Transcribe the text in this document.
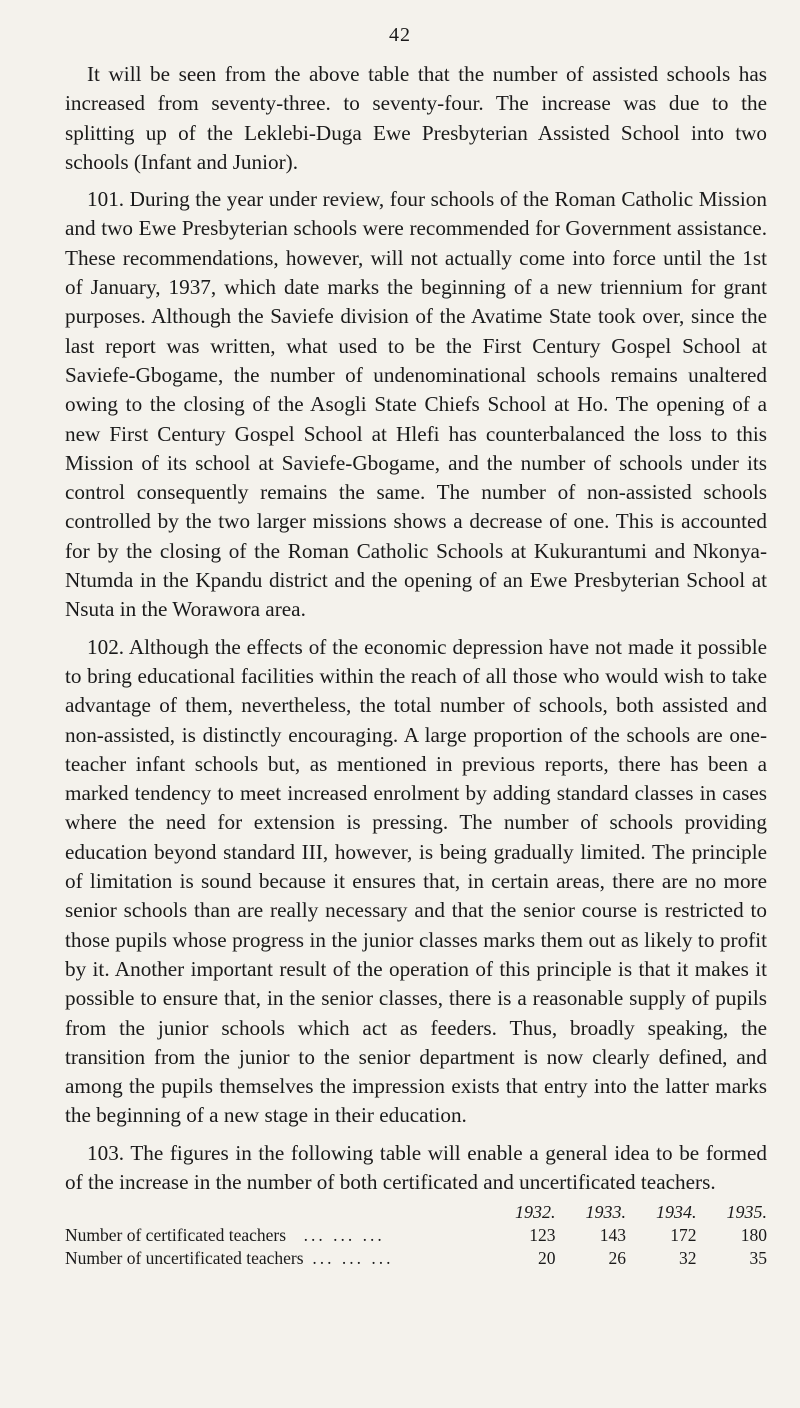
42

It will be seen from the above table that the number of assisted schools has increased from seventy-three. to seventy-four. The increase was due to the splitting up of the Leklebi-Duga Ewe Presbyterian Assisted School into two schools (Infant and Junior).

101. During the year under review, four schools of the Roman Catholic Mission and two Ewe Presbyterian schools were recommended for Government assistance. These recommendations, however, will not actually come into force until the 1st of January, 1937, which date marks the beginning of a new triennium for grant purposes. Although the Saviefe division of the Avatime State took over, since the last report was written, what used to be the First Century Gospel School at Saviefe-Gbogame, the number of undenominational schools remains unaltered owing to the closing of the Asogli State Chiefs School at Ho. The opening of a new First Century Gospel School at Hlefi has counterbalanced the loss to this Mission of its school at Saviefe-Gbogame, and the number of schools under its control consequently remains the same. The number of non-assisted schools controlled by the two larger missions shows a decrease of one. This is accounted for by the closing of the Roman Catholic Schools at Kukurantumi and Nkonya-Ntumda in the Kpandu district and the opening of an Ewe Presbyterian School at Nsuta in the Worawora area.

102. Although the effects of the economic depression have not made it possible to bring educational facilities within the reach of all those who would wish to take advantage of them, nevertheless, the total number of schools, both assisted and non-assisted, is distinctly encouraging. A large proportion of the schools are one-teacher infant schools but, as mentioned in previous reports, there has been a marked tendency to meet increased enrolment by adding standard classes in cases where the need for extension is pressing. The number of schools providing education beyond standard III, however, is being gradually limited. The principle of limitation is sound because it ensures that, in certain areas, there are no more senior schools than are really necessary and that the senior course is restricted to those pupils whose progress in the junior classes marks them out as likely to profit by it. Another important result of the operation of this principle is that it makes it possible to ensure that, in the senior classes, there is a reasonable supply of pupils from the junior schools which act as feeders. Thus, broadly speaking, the transition from the junior to the senior department is now clearly defined, and among the pupils themselves the impression exists that entry into the latter marks the beginning of a new stage in their education.

103. The figures in the following table will enable a general idea to be formed of the increase in the number of both certificated and uncertificated teachers.

	1932.	1933.	1934.	1935.
Number of certificated teachers ... ... ...	123	143	172	180
Number of uncertificated teachers ... ... ...	20	26	32	35
